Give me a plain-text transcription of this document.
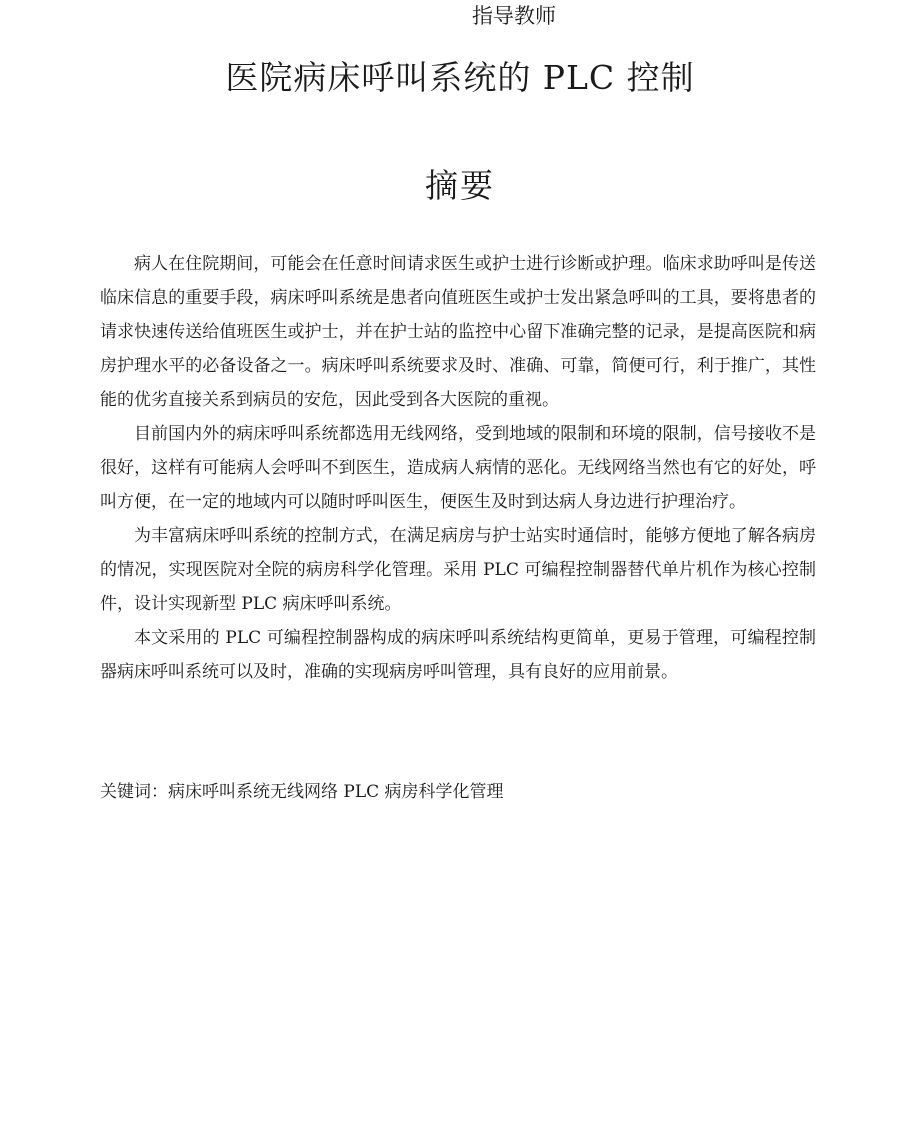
指导教师
医院病床呼叫系统的 PLC 控制
摘要

病人在住院期间，可能会在任意时间请求医生或护士进行诊断或护理。临床求助呼叫是传送临床信息的重要手段，病床呼叫系统是患者向值班医生或护士发出紧急呼叫的工具，要将患者的请求快速传送给值班医生或护士，并在护士站的监控中心留下准确完整的记录，是提高医院和病房护理水平的必备设备之一。病床呼叫系统要求及时、准确、可靠，简便可行，利于推广，其性能的优劣直接关系到病员的安危，因此受到各大医院的重视。

目前国内外的病床呼叫系统都选用无线网络，受到地域的限制和环境的限制，信号接收不是很好，这样有可能病人会呼叫不到医生，造成病人病情的恶化。无线网络当然也有它的好处，呼叫方便，在一定的地域内可以随时呼叫医生，便医生及时到达病人身边进行护理治疗。

为丰富病床呼叫系统的控制方式，在满足病房与护士站实时通信时，能够方便地了解各病房的情况，实现医院对全院的病房科学化管理。采用 PLC 可编程控制器替代单片机作为核心控制件，设计实现新型 PLC 病床呼叫系统。

本文采用的 PLC 可编程控制器构成的病床呼叫系统结构更简单，更易于管理，可编程控制器病床呼叫系统可以及时，准确的实现病房呼叫管理，具有良好的应用前景。

关键词：病床呼叫系统无线网络 PLC 病房科学化管理
